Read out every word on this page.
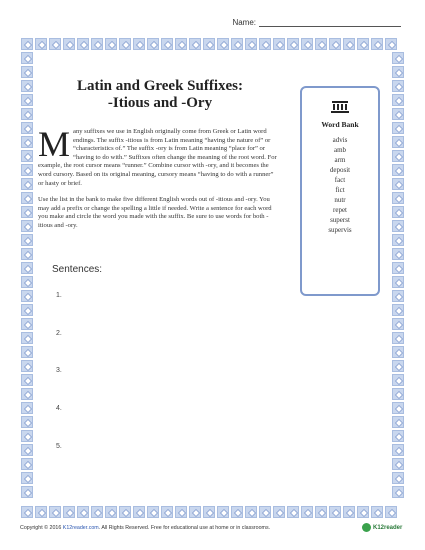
Name:
Latin and Greek Suffixes:
-Itious and -Ory
Many suffixes we use in English originally come from Greek or Latin word endings. The suffix -itious is from Latin meaning “having the nature of” or “characteristics of.” The suffix -ory is from Latin meaning “place for” or “having to do with.” Suffixes often change the meaning of the root word. For example, the root cursor means “runner.” Combine cursor with -ory, and it becomes the word cursory. Based on its original meaning, cursory means “having to do with a runner” or hasty or brief.
Use the list in the bank to make five different English words out of -itious and -ory. You may add a prefix or change the spelling a little if needed. Write a sentence for each word you make and circle the word you made with the suffix. Be sure to use words for both -itious and -ory.
Word Bank
advis
amb
arm
deposit
fact
fict
nutr
repet
superst
supervis
Sentences:
1.
2.
3.
4.
5.
Copyright © 2016 K12reader.com. All Rights Reserved. Free for educational use at home or in classrooms.	K12reader
